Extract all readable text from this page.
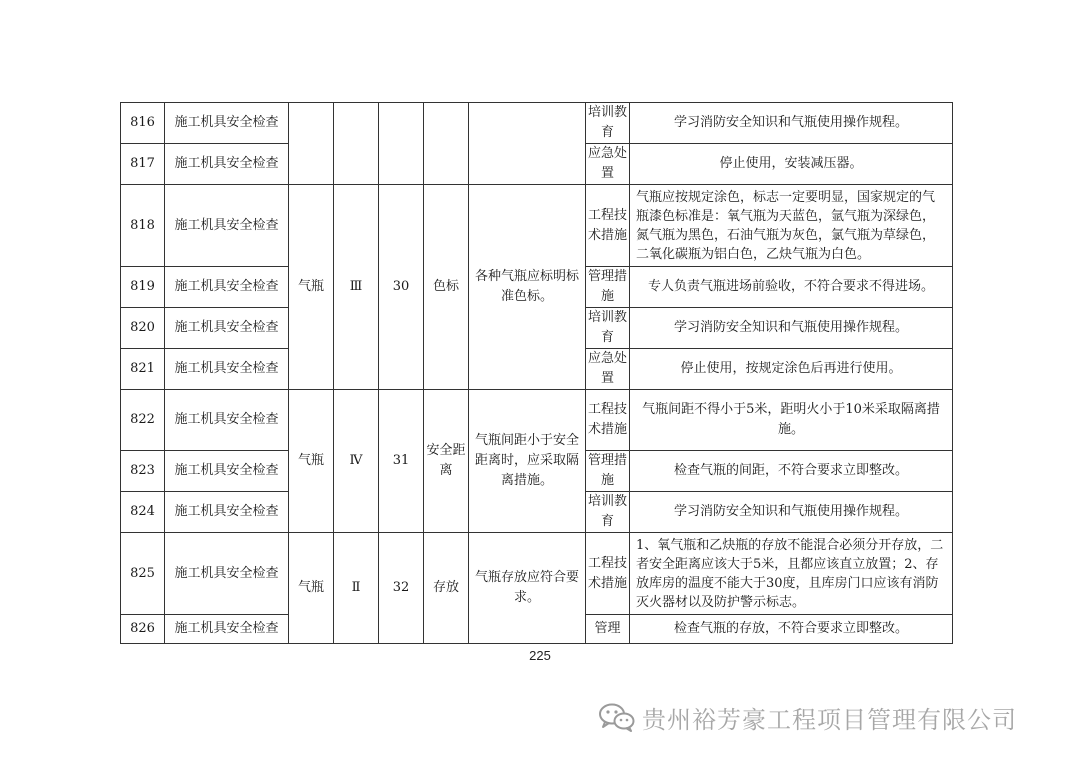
816	施工机具安全检查						培训教育	学习消防安全知识和气瓶使用操作规程。
817	施工机具安全检查						应急处置	停止使用，安装减压器。
818	施工机具安全检查	气瓶	Ⅲ	30	色标	各种气瓶应标明标准色标。	工程技术措施	气瓶应按规定涂色，标志一定要明显，国家规定的气瓶漆色标准是：氧气瓶为天蓝色，氩气瓶为深绿色，氮气瓶为黑色，石油气瓶为灰色，氯气瓶为草绿色，二氧化碳瓶为铝白色，乙炔气瓶为白色。
819	施工机具安全检查						管理措施	专人负责气瓶进场前验收，不符合要求不得进场。
820	施工机具安全检查						培训教育	学习消防安全知识和气瓶使用操作规程。
821	施工机具安全检查						应急处置	停止使用，按规定涂色后再进行使用。
822	施工机具安全检查	气瓶	Ⅳ	31	安全距离	气瓶间距小于安全距离时，应采取隔离措施。	工程技术措施	气瓶间距不得小于5米，距明火小于10米采取隔离措施。
823	施工机具安全检查						管理措施	检查气瓶的间距，不符合要求立即整改。
824	施工机具安全检查						培训教育	学习消防安全知识和气瓶使用操作规程。
825	施工机具安全检查	气瓶	Ⅱ	32	存放	气瓶存放应符合要求。	工程技术措施	1、氧气瓶和乙炔瓶的存放不能混合必须分开存放，二者安全距离应该大于5米，且都应该直立放置；2、存放库房的温度不能大于30度，且库房门口应该有消防灭火器材以及防护警示标志。
826	施工机具安全检查						管理	检查气瓶的存放，不符合要求立即整改。
225
贵州裕芳豪工程项目管理有限公司
